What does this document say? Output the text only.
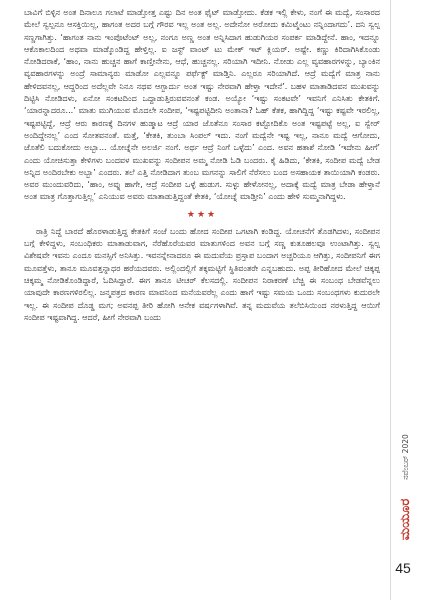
ಬಾವಿಗೆ ಬಿಳ್ಳಿನ ಅಂತ ದಿನಾಲೂ ಗಲಾಟೆ ಮಾಡ್ತೋತ್ತ ಎಷ್ಟು ದಿನ ಅಂತ ಫೈಟ್ ಮಾಡ್ತೋದು. ಕೆಡಕ ಇಲ್ಲಿ ಕೇಳು, ನಂಗೆ ಈ ಮದ್ವೆ, ಸಂಸಾರದ ಮೇಲೆ ಸ್ವಲ್ಪನೂ ಆಸಕ್ತಿಯಿಲ್ಲ, ಹಾಗಂತ ಅದರ ಬಗ್ಗೆ ಗೌರವ ಇಲ್ಲ ಅಂತ ಅಲ್ಲ. ಅದೇನೋ ಅರೋದು ಕಮಿಟ್ಮೆಂಟು ನನ್ನಿಂದಾಗದು’. ದನಿ ಸ್ವಲ್ಪ ಸಣ್ಣಗಾಗಿತ್ತು. ‘ಹಾಗಂತ ನಾನು ಇಂಪೊಟೆಂಟ್ ಅಲ್ಲ, ನಂಗೂ ಅಣ್ಣ ಅಂತ ಅನ್ನಿಸಿದಾಗ ಹುಡುಗಿಯರ ಸಂಪರ್ಕ ಮಾಡಿದ್ದೇನೆ. ಹಾಂ, ಇದನ್ನೂ ಆಕೊಕಾಲದಿಂದ ಅಥವಾ ಮಾಡ್ಕೊಂಡಿದ್ದ ಹೇಳ್ತಿಲ್ಲ. ಐ ಜಸ್ಟ್ ವಾಂಟ್ ಟು ಮೇಕ್ ಇಟ್ ಕ್ಲಿಯರ್. ಅಷ್ಟೇ. ಕಣ್ಣು ಕಿರಿದಾಗಿಸಿಕೊಂಡು ನೋಡಿದರಾಕೆ, ‘ಹಾಂ, ನಾನು ಹುಚ್ಚನ ಹಾಗೆ ಕಾಣ್ತೀನೇನು, ಆಧೆ, ಹುಚ್ಚನಲ್ಲ. ಸರಿಯಾಗಿ ಇದೀನಿ. ನೋಡು ಎಲ್ಲ ವ್ಯವಹಾರಗಳನ್ನು, ಬ್ಯಾಂಕಿನ ವ್ಯವಹಾರಗಳನ್ನು ಅಂದ್ರೆ ಸಾಮಾನ್ಯರು ಮಾಡೋ ಎಲ್ಲವನ್ನೂ ಪರ್ಫೆಕ್ಟ್ ಮಾಡ್ತಿನಿ. ಎಲ್ಲರೂ ಸರಿಯಾಗಿದೆ. ಆದ್ರೆ ಮದ್ವೆಗೆ ಮಾತ್ರ ನಾನು ಹೇಳಿದವನಲ್ಲ, ಆದ್ದರಿಂದ ಅದೆಲ್ಲವೇ ನಿನೂ ನಥವ ಆಗ್ಬಾರ್ದು ಅಂತ ಇಷ್ಟು ನೇರವಾಗಿ ಹೇಳ್ತಾ ಇದೇನೆ’. ಬಹಳ ಮಾತಾಡಿದವನ ಮುಖವನ್ನು ದಿಟ್ಟಿಸಿ ನೋಡಿದಳು, ಏನೋ ಸಂಕಟದಿಂದ ಒದ್ದಾಡುತ್ತಿರುವವನಂತೆ ಕಂಡ. ಅಯ್ಯೋ ‘ಇಷ್ಟು ಸಂಕಟವೇ’ ಇವನಿಗೆ ಎನಿಸಿತು ಕೇತಕಿಗೆ. ‘ಯಾರನ್ನಾದರೂ...’ ಮಾತು ಮುಗಿಯುವ ಮೊದಲೇ ಸಂದೀಪ, ‘ಇಷ್ಟಪಟ್ಟಿದೀನಿ ಅಂತಾನಾ? ಓಹ್ ಕೆತಕ, ಹಾಗಿದ್ದಿದ್ದ ‘ಇಷ್ಟು ಕಷ್ಟವೇ ಇರಲಿಲ್ಲ, ಇಷ್ಟಪಟ್ಟಿದ್ದೆ, ಆದ್ರೆ ಆರು ಕಾರಣಕ್ಕೆ ದಿನಗಳ ಹುಡ್ಮಾಟ ಆದ್ರೆ ಯಾರ ಜೊತೆನೂ ಸಂಸಾರ ಕಟ್ಟೋದಿಕೊ ಅಂತ ಇಷ್ಟಪಟ್ಟೆ ಅಲ್ಲ, ಐ ಸ್ವೇರ್ ಅಂದಿದ್ದೇನಲ್ಲ’ ಎಂದ ಸೋತವನಂತೆ. ಮತ್ತೆ, ‘ಕೇತಕಿ, ತುಂಬಾ ಸಿಂಪಲ್ ಇದು. ನಂಗೆ ಮದ್ವೆನೇ ಇಷ್ಟ ಇಲ್ಲ, ನಾನೂ ಮದ್ವೆ ಆಗೋದು, ಜೊತೆಲಿ ಬದುಕೋದು ಅಬ್ಬಾ... ಯೋಚ್ನೆನೇ ಅಲರ್ಜಿ ನಂಗೆ. ಅರ್ಥ ಆದ್ರೆ ನಿಂಗೆ ಒಳ್ಳೆದು’ ಎಂದ. ಅವನ ಹತಾಶೆ ನೋಡಿ ‘ಇದೇನು ಹೀಗೆ’ ಎಂದು ಯೋಚಿಸುತ್ತಾ ಕೇಳಿಗಳು ಬಂದವಳ ಮುಖವನ್ನು ಸಂದೀಪನ ಅಮ್ಮ ನೋಡಿ ಓಡಿ ಬಂದರು. ಕೈ ಹಿಡಿದು, ‘ಕೇತಕಿ, ಸಂದೀಪ ಮದ್ವೆ ಬೇಡ ಅನ್ನಿದ ಅಂದಿರಬೇಕು ಅಬ್ಬಾ’ ಎಂದರು. ತಲೆ ಎತ್ತಿ ನೋಡಿದಾಗ ತುಂಬ ಮಗನನ್ನು ಸಾಲಿಗೆ ನೆರೆಸಲು ಬಂದ ಅಸಹಾಯಕ ತಾಯಿಯಾಗಿ ಕಂಡರು. ಅವರ ಮುಂದುವರಿದು, ‘ಹಾಂ, ಅವ್ನು ಹಾಗೇ, ಆದ್ರೆ ಸಂದೀಪ ಒಳ್ಳೆ ಹುಡುಗ. ಸುಳ್ಳು ಹೇಳೋನಲ್ಲ, ಅದಾಕ್ಕೆ ಮದ್ವೆ ಮಾತ್ರ ಬೇಡಾ ಹೇಳ್ತಾನೆ ಅಂತ ಮಾತ್ರ ಗೊತ್ತಾಗುತ್ತಿಲ್ಲ’ ಎನಿಯುವ ಅವರು ಮಾತಾಡುತ್ತಿದ್ದಂತೆ ಕೇತಕಿ, ‘ಯೋಚ್ನೆ ಮಾಡ್ತೀನಿ’ ಎಂದು ಹೇಳಿ ಸುಮ್ಮನಾಗಿದ್ದಳು.

★★★

ರಾತ್ರಿ ನಿದ್ದೆ ಬಾರದೆ ಹೊರಳಾಡುತ್ತಿದ್ದ ಕೇತಕಿಗೆ ಸಂಜೆ ಬಂದು ಹೋದ ಸಂದೀಪ ಒಗಟಾಗಿ ಕಂಡಿದ್ದ. ಯೋಚನೆಗೆ ತೊಡಗಿದಳು, ಸಂದೀಪನ ಬಗ್ಗೆ ಕೇಳಿದ್ದಳು, ಸಂಬಂಧಿಕರು ಮಾತಾಡುವಾಗ, ನೆರೆಹೊರೆಯವರ ಮಾತುಗಳಿಂದ ಅವನ ಬಗ್ಗೆ ಸಣ್ಣ ಕುತೂಹಲವೂ ಉಂಟಾಗಿತ್ತು. ಸ್ವಲ್ಪ ವಿಶೇಷವೇ ಇವನು ಎಂದೂ ಮನಸ್ಸಿಗೆ ಅನಿಸಿತ್ತು. ಇವನನ್ನೇನಾದರೂ ಈ ಮದುವೆಯ ಪ್ರಸ್ತಾಪ ಬಂದಾಗ ಅಚ್ಚರಿಯೂ ಆಗಿತ್ತು, ಸಂದೀಪನಿಗೆ ಈಗ ಮೂವತ್ತೆಳು, ತಾನೂ ಮೂವತ್ತನ್ನಾಧರ ಹರೆಯದವರು. ಅಲ್ಲಿಂದಲ್ಲಿಗೆ ತಕ್ಕಮಟ್ಟಿಗೆ ಸ್ಥಿತಿವಂತರೇ ಎನ್ನಬಹುದು. ಅಪ್ಪ ತೀರಿಹೋದ ಮೇಲೆ ಚಿಕ್ಕಪ್ಪ ಚಿಕ್ಕಮ್ಮ ನೋಡಿಕೊಂಡಿದ್ದಾರೆ, ಓದಿಸಿದ್ದಾರೆ. ಈಗ ತಾನೂ ಟೀಚರ್ ಕೆಲಸದಲ್ಲಿ. ಸಂದೀಪನ ನಿರಾಕರಣೆ ಬೆಚ್ಚಿ ಈ ಸಂಬಂಧ ಬೇಡವೆನ್ನಲು ಯಾವುದೇ ಕಾರಣಗಳಿರಲಿಲ್ಲ. ಜನ್ಮಪತ್ರದ ಕಾರಣ ಮಾವನಿಂದ ಮನೆಯವರೆಲ್ಲ ಎಂದು ಹಾಗೆ ಇಷ್ಟು ಸಮಯ ಒಂದು ಸಂಬಂಧಗಳು ಕುದುರಲೇ ಇಲ್ಲ. ಈ ಸಂದೀಪ ದೊಡ್ಡ ಮಗ; ಅವನಪ್ಪ ತೀರಿ ಹೋಗಿ ಆನೇಕ ವರ್ಷಗಳಾಗಿವೆ. ತನ್ನ ಮದುವೆಯ ತಲೆಬಿಸಿಯಿಂದ ನರಳುತ್ತಿದ್ದ ಆಯಿಗೆ ಸಂದೀಪ ಇಷ್ಟವಾಗಿದ್ದ. ಆದರೆ, ಹೀಗೆ ನೇರವಾಗಿ ಬಂದು

ನವೆಂಬರ್ 2020
ಮಯೂರ
45
